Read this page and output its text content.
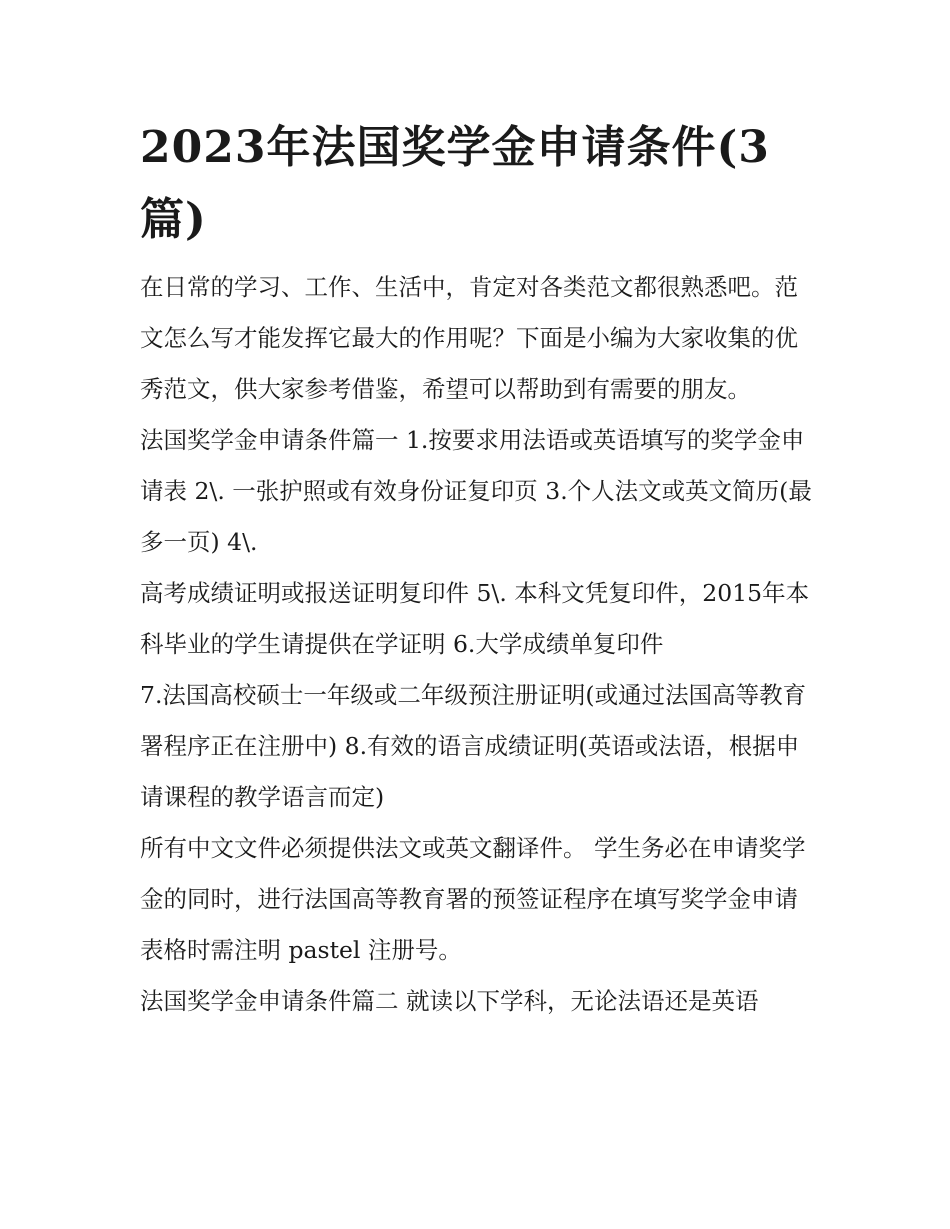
2023年法国奖学金申请条件(3篇)

在日常的学习、工作、生活中，肯定对各类范文都很熟悉吧。范文怎么写才能发挥它最大的作用呢？下面是小编为大家收集的优秀范文，供大家参考借鉴，希望可以帮助到有需要的朋友。

法国奖学金申请条件篇一 1.按要求用法语或英语填写的奖学金申请表 2\. 一张护照或有效身份证复印页 3.个人法文或英文简历(最多一页) 4\.

高考成绩证明或报送证明复印件 5\. 本科文凭复印件，2015年本科毕业的学生请提供在学证明 6.大学成绩单复印件

7.法国高校硕士一年级或二年级预注册证明(或通过法国高等教育署程序正在注册中) 8.有效的语言成绩证明(英语或法语，根据申请课程的教学语言而定)

所有中文文件必须提供法文或英文翻译件。 学生务必在申请奖学金的同时，进行法国高等教育署的预签证程序在填写奖学金申请表格时需注明 pastel 注册号。

法国奖学金申请条件篇二 就读以下学科，无论法语还是英语
